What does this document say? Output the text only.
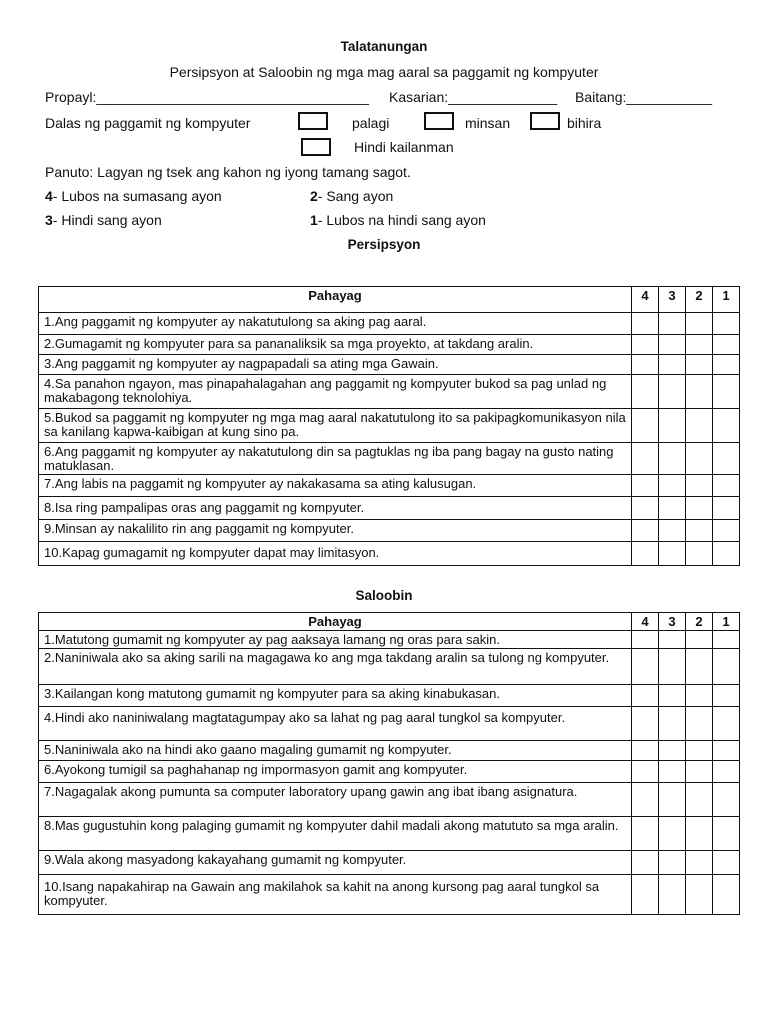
Talatanungan
Persipsyon at Saloobin ng mga mag aaral sa paggamit ng kompyuter
Propayl:___________________________________ Kasarian:______________ Baitang:___________
Dalas ng paggamit ng kompyuter	palagi	minsan	bihira
Hindi kailanman
Panuto: Lagyan ng tsek ang kahon ng iyong tamang sagot.
4- Lubos na sumasang ayon	2- Sang ayon
3- Hindi sang ayon	1- Lubos na hindi sang ayon
Persipsyon
Pahayag	4	3	2	1
1.Ang paggamit ng kompyuter ay nakatutulong sa aking pag aaral.				
2.Gumagamit ng kompyuter para sa pananaliksik sa mga proyekto, at takdang aralin.				
3.Ang paggamit ng kompyuter ay nagpapadali sa ating mga Gawain.				
4.Sa panahon ngayon, mas pinapahalagahan ang paggamit ng kompyuter bukod sa pag unlad ng makabagong teknolohiya.				
5.Bukod sa paggamit ng kompyuter ng mga mag aaral nakatutulong ito sa pakipagkomunikasyon nila sa kanilang kapwa-kaibigan at kung sino pa.				
6.Ang paggamit ng kompyuter ay nakatutulong din sa pagtuklas ng iba pang bagay na gusto nating matuklasan.				
7.Ang labis na paggamit ng kompyuter ay nakakasama sa ating kalusugan.				
8.Isa ring pampalipas oras ang paggamit ng kompyuter.				
9.Minsan ay nakalilito rin ang paggamit ng kompyuter.				
10.Kapag gumagamit ng kompyuter dapat may limitasyon.				
Saloobin
Pahayag	4	3	2	1
1.Matutong gumamit ng kompyuter ay pag aaksaya lamang ng oras para sakin.				
2.Naniniwala ako sa aking sarili na magagawa ko ang mga takdang aralin sa tulong ng kompyuter.				
3.Kailangan kong matutong gumamit ng kompyuter para sa aking kinabukasan.				
4.Hindi ako naniniwalang magtatagumpay ako sa lahat ng pag aaral tungkol sa kompyuter.				
5.Naniniwala ako na hindi ako gaano magaling gumamit ng kompyuter.				
6.Ayokong tumigil sa paghahanap ng impormasyon gamit ang kompyuter.				
7.Nagagalak akong pumunta sa computer laboratory upang gawin ang ibat ibang asignatura.				
8.Mas gugustuhin kong palaging gumamit ng kompyuter dahil madali akong matututo sa mga aralin.				
9.Wala akong masyadong kakayahang gumamit ng kompyuter.				
10.Isang napakahirap na Gawain ang makilahok sa kahit na anong kursong pag aaral tungkol sa kompyuter.				
